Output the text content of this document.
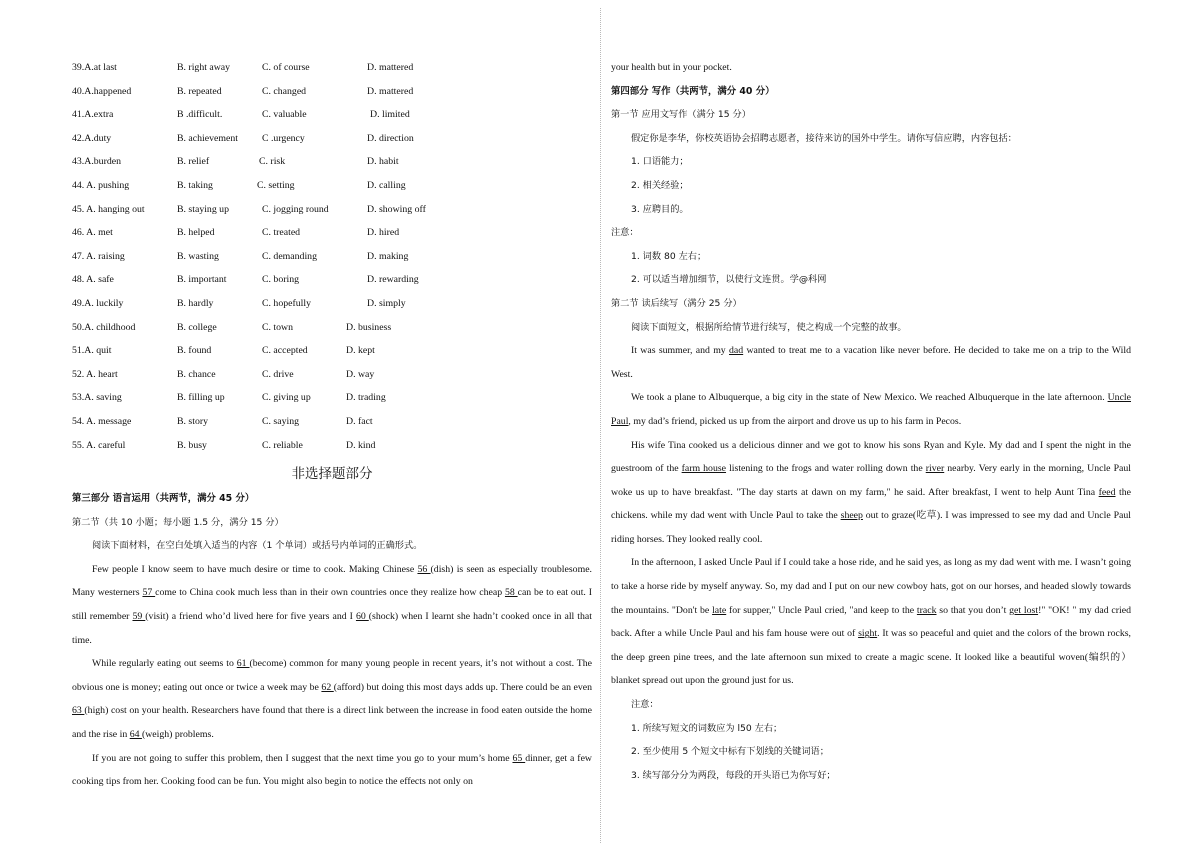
39.A.at last	B. right away	C. of course	D. mattered
40.A.happened	B. repeated	C. changed	D. mattered
41.A.extra	B .difficult.	C. valuable	D. limited
42.A.duty	B. achievement C .urgency	D. direction
43.A.burden	B. relief	C. risk	D. habit
44. A. pushing	B. taking	C. setting	D. calling
45. A. hanging out	B. staying up	C. jogging round	D. showing off
46. A. met	B. helped	C. treated	D. hired
47. A. raising	B. wasting	C. demanding	D. making
48. A. safe	B. important	C. boring	D. rewarding
49.A. luckily	B. hardly	C. hopefully	D. simply
50.A. childhood	B. college	C. town	D. business
51.A. quit	B. found	C. accepted	D. kept
52. A. heart	B. chance	C. drive	D. way
53.A. saving	B. filling up	C. giving up	D. trading
54. A. message	B. story	C. saying	D. fact
55. A. careful	B. busy	C. reliable	D. kind
非选择题部分
第三部分 语言运用（共两节，满分 45 分）
第二节（共 10 小题；每小题 1.5 分，满分 15 分）
阅读下面材料，在空白处填入适当的内容（1 个单词）或括号内单词的正确形式。

Few people I know seem to have much desire or time to cook. Making Chinese 56 (dish) is seen as especially troublesome. Many westerners 57 come to China cook much less than in their own countries once they realize how cheap 58 can be to eat out. I still remember 59 (visit) a friend who’d lived here for five years and I 60 (shock) when I learnt she hadn’t cooked once in all that time.

While regularly eating out seems to 61 (become) common for many young people in recent years, it’s not without a cost. The obvious one is money; eating out once or twice a week may be 62 (afford) but doing this most days adds up. There could be an even 63 (high) cost on your health. Researchers have found that there is a direct link between the increase in food eaten outside the home and the rise in 64 (weigh) problems.

If you are not going to suffer this problem, then I suggest that the next time you go to your mum’s home 65 dinner, get a few cooking tips from her. Cooking food can be fun. You might also begin to notice the effects not only on

your health but in your pocket.
第四部分 写作（共两节，满分 40 分）
第一节 应用文写作（满分 15 分）
假定你是李华，你校英语协会招聘志愿者，接待来访的国外中学生。请你写信应聘，内容包括：
1. 口语能力；
2. 相关经验；
3. 应聘目的。
注意：
1. 词数 80 左右；
2. 可以适当增加细节，以使行文连贯。学@科网
第二节 读后续写（满分 25 分）
阅读下面短文，根据所给情节进行续写，使之构成一个完整的故事。

It was summer, and my dad wanted to treat me to a vacation like never before. He decided to take me on a trip to the Wild West.

We took a plane to Albuquerque, a big city in the state of New Mexico. We reached Albuquerque in the late afternoon. Uncle Paul, my dad’s friend, picked us up from the airport and drove us up to his farm in Pecos.

His wife Tina cooked us a delicious dinner and we got to know his sons Ryan and Kyle. My dad and I spent the night in the guestroom of the farm house listening to the frogs and water rolling down the river nearby. Very early in the morning, Uncle Paul woke us up to have breakfast. "The day starts at dawn on my farm," he said. After breakfast, I went to help Aunt Tina feed the chickens. while my dad went with Uncle Paul to take the sheep out to graze(吃草). I was impressed to see my dad and Uncle Paul riding horses. They looked really cool.

In the afternoon, I asked Uncle Paul if I could take a hose ride, and he said yes, as long as my dad went with me. I wasn’t going to take a horse ride by myself anyway. So, my dad and I put on our new cowboy hats, got on our horses, and headed slowly towards the mountains. "Don't be late for supper," Uncle Paul cried, "and keep to the track so that you don’t get lost!" "OK! " my dad cried back. After a while Uncle Paul and his fam house were out of sight. It was so peaceful and quiet and the colors of the brown rocks, the deep green pine trees, and the late afternoon sun mixed to create a magic scene. It looked like a beautiful woven(编织的）blanket spread out upon the ground just for us.

注意：
1. 所续写短文的词数应为 l50 左右；
2. 至少使用 5 个短文中标有下划线的关键词语；
3. 续写部分分为两段，每段的开头语已为你写好；
